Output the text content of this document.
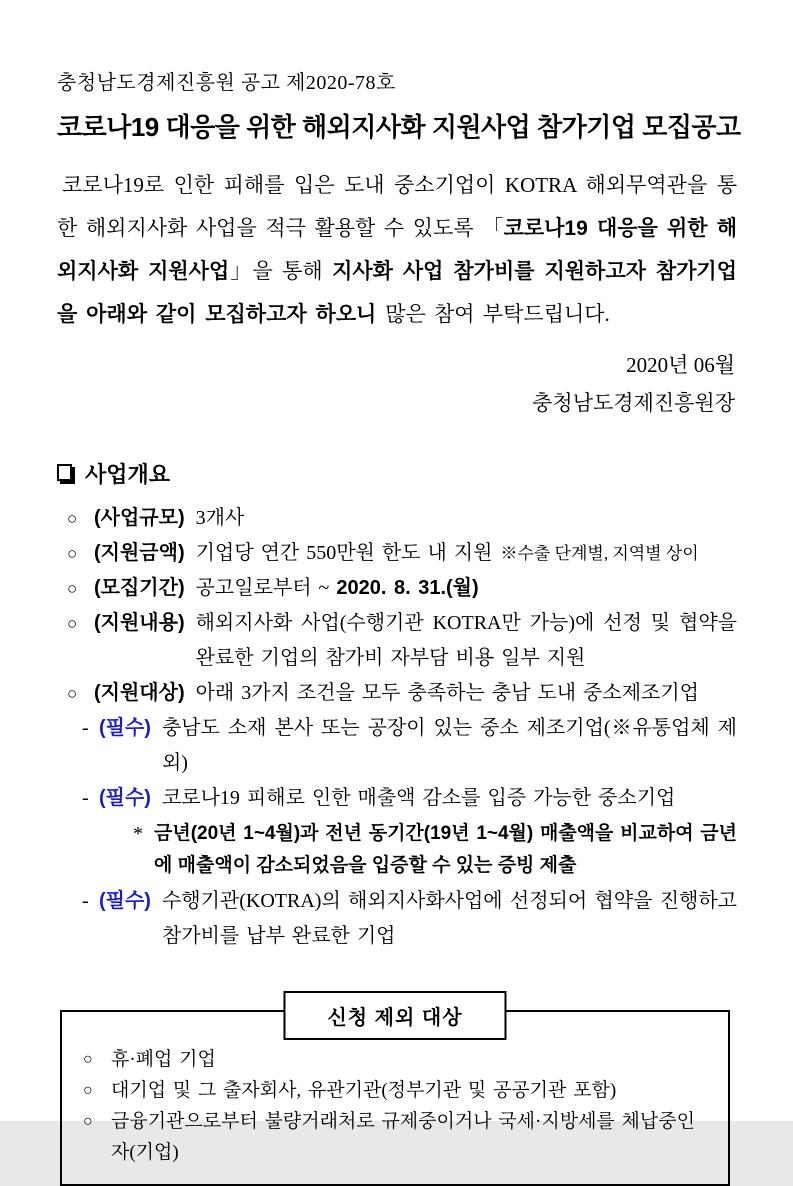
충청남도경제진흥원 공고 제2020-78호
코로나19 대응을 위한 해외지사화 지원사업 참가기업 모집공고
코로나19로 인한 피해를 입은 도내 중소기업이 KOTRA 해외무역관을 통한 해외지사화 사업을 적극 활용할 수 있도록 「코로나19 대응을 위한 해외지사화 지원사업」을 통해 지사화 사업 참가비를 지원하고자 참가기업을 아래와 같이 모집하고자 하오니 많은 참여 부탁드립니다.
2020년 06월
충청남도경제진흥원장
사업개요
○ (사업규모) 3개사
○ (지원금액) 기업당 연간 550만원 한도 내 지원 ※수출 단계별, 지역별 상이
○ (모집기간) 공고일로부터 ~ 2020. 8. 31.(월)
○ (지원내용) 해외지사화 사업(수행기관 KOTRA만 가능)에 선정 및 협약을 완료한 기업의 참가비 자부담 비용 일부 지원
○ (지원대상) 아래 3가지 조건을 모두 충족하는 충남 도내 중소제조기업
- (필수) 충남도 소재 본사 또는 공장이 있는 중소 제조기업(※유통업체 제외)
- (필수) 코로나19 피해로 인한 매출액 감소를 입증 가능한 중소기업
* 금년(20년 1~4월)과 전년 동기간(19년 1~4월) 매출액을 비교하여 금년에 매출액이 감소되었음을 입증할 수 있는 증빙 제출
- (필수) 수행기관(KOTRA)의 해외지사화사업에 선정되어 협약을 진행하고 참가비를 납부 완료한 기업
신청 제외 대상
○ 휴·폐업 기업
○ 대기업 및 그 출자회사, 유관기관(정부기관 및 공공기관 포함)
○ 금융기관으로부터 불량거래처로 규제중이거나 국세·지방세를 체납중인 자(기업)
